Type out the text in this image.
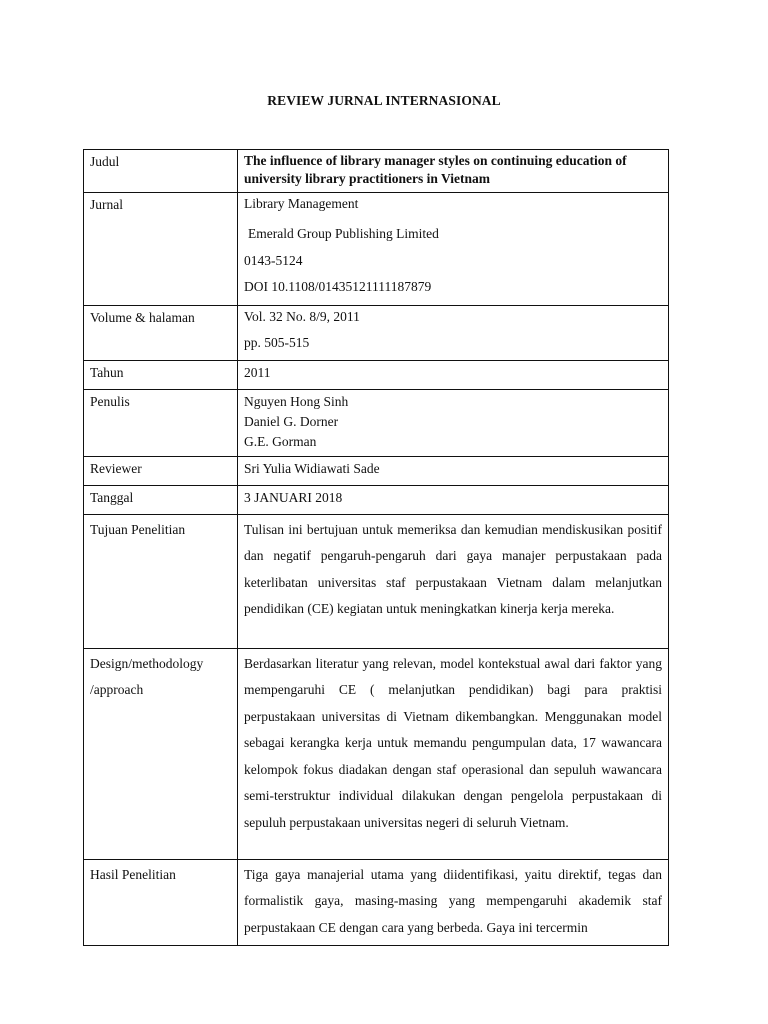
REVIEW JURNAL INTERNASIONAL
Judul	The influence of library manager styles on continuing education of university library practitioners in Vietnam
Jurnal	Library Management
Emerald Group Publishing Limited
0143-5124
DOI 10.1108/01435121111187879

Volume & halaman	Vol. 32 No. 8/9, 2011
pp. 505-515

Tahun	2011
Penulis	Nguyen Hong Sinh
Daniel G. Dorner
G.E. Gorman

Reviewer	Sri Yulia Widiawati Sade
Tanggal	3 JANUARI 2018
Tujuan Penelitian	Tulisan ini bertujuan untuk memeriksa dan kemudian mendiskusikan positif dan negatif pengaruh-pengaruh dari gaya manajer perpustakaan pada keterlibatan universitas staf perpustakaan Vietnam dalam melanjutkan pendidikan (CE) kegiatan untuk meningkatkan kinerja kerja mereka.

Design/methodology
/approach	Berdasarkan literatur yang relevan, model kontekstual awal dari faktor yang mempengaruhi CE ( melanjutkan pendidikan) bagi para praktisi perpustakaan universitas di Vietnam dikembangkan. Menggunakan model sebagai kerangka kerja untuk memandu pengumpulan data, 17 wawancara kelompok fokus diadakan dengan staf operasional dan sepuluh wawancara semi-terstruktur individual dilakukan dengan pengelola perpustakaan di sepuluh perpustakaan universitas negeri di seluruh Vietnam.
Hasil Penelitian	Tiga gaya manajerial utama yang diidentifikasi, yaitu direktif, tegas dan formalistik gaya, masing-masing yang mempengaruhi akademik staf perpustakaan CE dengan cara yang berbeda. Gaya ini tercermin
